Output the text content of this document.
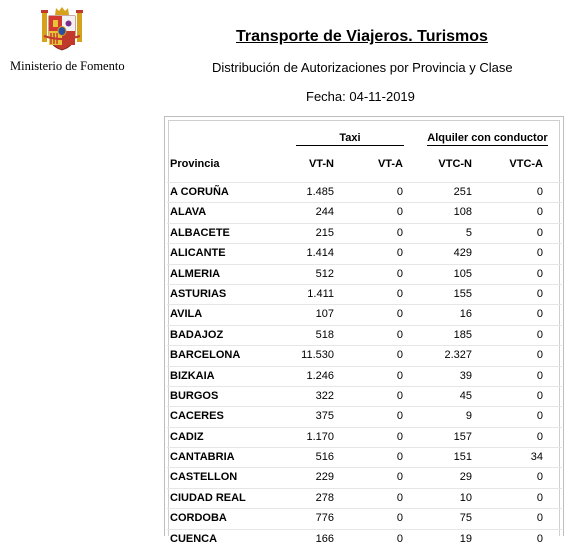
Ministerio de Fomento
Transporte de Viajeros. Turismos
Distribución de Autorizaciones por Provincia y Clase
Fecha: 04-11-2019
Taxi	Alquiler con conductor
Provincia	VT-N	VT-A	VTC-N	VTC-A
A CORUÑA	1.485	0	251	0
ALAVA	244	0	108	0
ALBACETE	215	0	5	0
ALICANTE	1.414	0	429	0
ALMERIA	512	0	105	0
ASTURIAS	1.411	0	155	0
AVILA	107	0	16	0
BADAJOZ	518	0	185	0
BARCELONA	11.530	0	2.327	0
BIZKAIA	1.246	0	39	0
BURGOS	322	0	45	0
CACERES	375	0	9	0
CADIZ	1.170	0	157	0
CANTABRIA	516	0	151	34
CASTELLON	229	0	29	0
CIUDAD REAL	278	0	10	0
CORDOBA	776	0	75	0
CUENCA	166	0	19	0
